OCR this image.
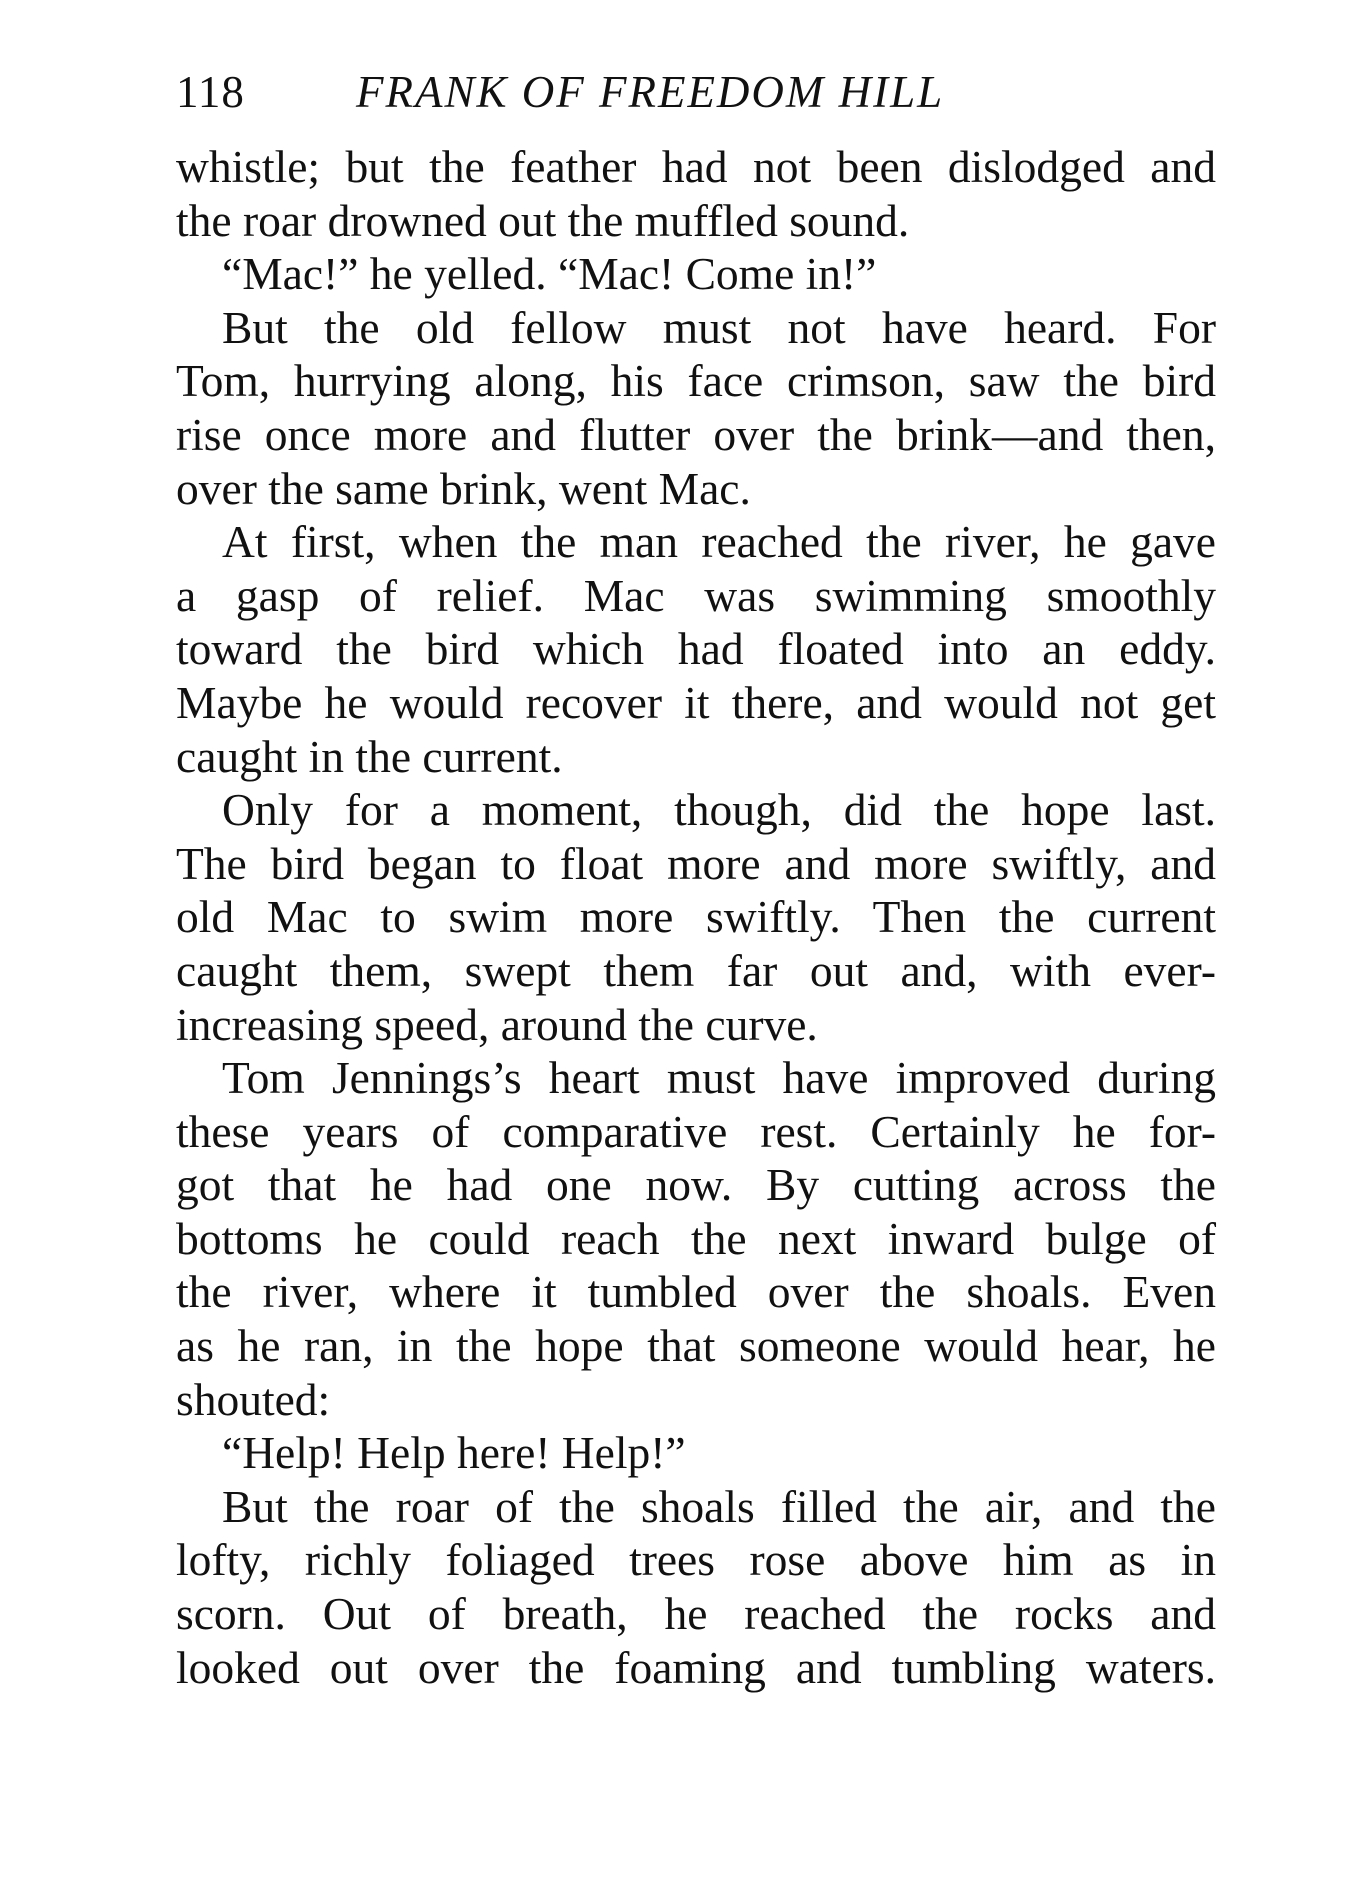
118 FRANK OF FREEDOM HILL
whistle; but the feather had not been dislodged and
the roar drowned out the muffled sound.
“Mac!” he yelled. “Mac! Come in!”
But the old fellow must not have heard. For
Tom, hurrying along, his face crimson, saw the bird
rise once more and flutter over the brink—and then,
over the same brink, went Mac.
At first, when the man reached the river, he gave
a gasp of relief. Mac was swimming smoothly
toward the bird which had floated into an eddy.
Maybe he would recover it there, and would not get
caught in the current.
Only for a moment, though, did the hope last.
The bird began to float more and more swiftly, and
old Mac to swim more swiftly. Then the current
caught them, swept them far out and, with ever-
increasing speed, around the curve.
Tom Jennings’s heart must have improved during
these years of comparative rest. Certainly he for-
got that he had one now. By cutting across the
bottoms he could reach the next inward bulge of
the river, where it tumbled over the shoals. Even
as he ran, in the hope that someone would hear, he
shouted:
“Help! Help here! Help!”
But the roar of the shoals filled the air, and the
lofty, richly foliaged trees rose above him as in
scorn. Out of breath, he reached the rocks and
looked out over the foaming and tumbling waters.
